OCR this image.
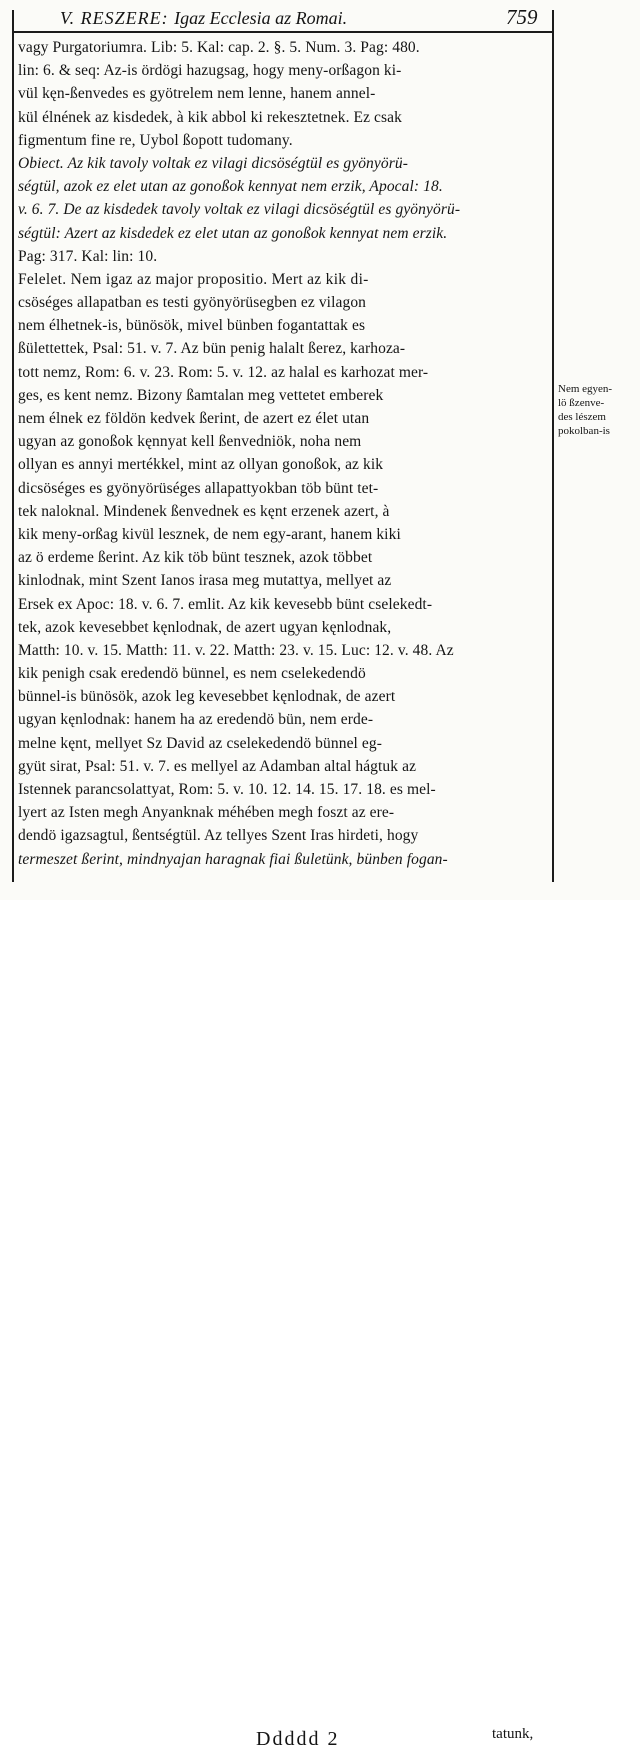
V. RESZERE: Igaz Ecclesia az Romai.	759
vagy Purgatoriumra. Lib: 5. Kal: cap. 2. §. 5. Num. 3. Pag: 480.
lin: 6. & seq: Az-is ördögi hazugsag, hogy meny-orßagon ki-
vül kęn-ßenvedes es gyötrelem nem lenne, hanem annel-
kül élnének az kisdedek, à kik abbol ki rekesztetnek. Ez csak
figmentum fine re, Uybol ßopott tudomany.
Obiect. Az kik tavoly voltak ez vilagi dicsöségtül es gyönyörü-
ségtül, azok ez elet utan az gonoßok kennyat nem erzik, Apocal: 18.
v. 6. 7. De az kisdedek tavoly voltak ez vilagi dicsöségtül es gyönyörü-
ségtül: Azert az kisdedek ez elet utan az gonoßok kennyat nem erzik.
Pag: 317. Kal: lin: 10.
Felelet. Nem igaz az major propositio. Mert az kik di-
csöséges allapatban es testi gyönyörüsegben ez vilagon
nem élhetnek-is, bünösök, mivel bünben fogantattak es
ßülettettek, Psal: 51. v. 7. Az bün penig halalt ßerez, karhoza-
tott nemz, Rom: 6. v. 23. Rom: 5. v. 12. az halal es karhozat mer-
ges, es kent nemz. Bizony ßamtalan meg vettetet emberek
nem élnek ez földön kedvek ßerint, de azert ez élet utan
ugyan az gonoßok kęnnyat kell ßenvedniök, noha nem
ollyan es annyi mertékkel, mint az ollyan gonoßok, az kik
dicsöséges es gyönyörüséges allapattyokban töb bünt tet-
tek naloknal. Mindenek ßenvednek es kęnt erzenek azert, à
kik meny-orßag kivül lesznek, de nem egy-arant, hanem kiki
az ö erdeme ßerint. Az kik töb bünt tesznek, azok többet
kinlodnak, mint Szent Ianos irasa meg mutattya, mellyet az
Ersek ex Apoc: 18. v. 6. 7. emlit. Az kik kevesebb bünt cselekedt-
tek, azok kevesebbet kęnlodnak, de azert ugyan kęnlodnak,
Matth: 10. v. 15. Matth: 11. v. 22. Matth: 23. v. 15. Luc: 12. v. 48. Az
kik penigh csak eredendö bünnel, es nem cselekedendö
bünnel-is bünösök, azok leg kevesebbet kęnlodnak, de azert
ugyan kęnlodnak: hanem ha az eredendö bün, nem erde-
melne kęnt, mellyet Sz David az cselekedendö bünnel eg-
gyüt sirat, Psal: 51. v. 7. es mellyel az Adamban altal hágtuk az
Istennek parancsolattyat, Rom: 5. v. 10. 12. 14. 15. 17. 18. es mel-
lyert az Isten megh Anyanknak méhében megh foszt az ere-
dendö igazsagtul, ßentségtül. Az tellyes Szent Iras hirdeti, hogy
termeszet ßerint, mindnyajan haragnak fiai ßuletünk, bünben fogan-
Nem egyen-
lö ßzenve-
des lészem
pokolban-is
Ddddd 2	tatunk,
